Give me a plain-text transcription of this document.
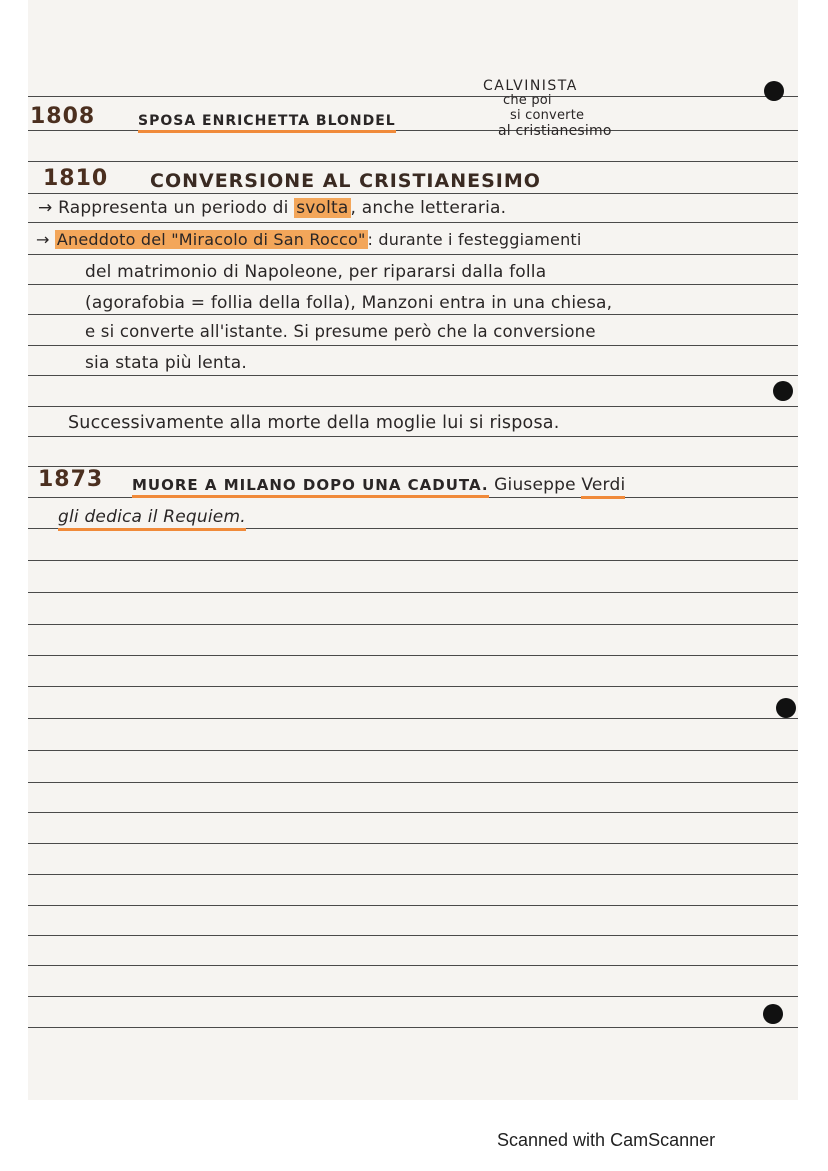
1808	SPOSA ENRICHETTA BLONDEL
CALVINISTA
che poi
si converte
al cristianesimo
1810 CONVERSIONE AL CRISTIANESIMO
→ Rappresenta un periodo di svolta , anche letteraria.
→ Aneddoto del "Miracolo di San Rocco" : durante i festeggiamenti
del matrimonio di Napoleone, per ripararsi dalla folla
(agorafobia = follia della folla), Manzoni entra in una chiesa,
e si converte all'istante. Si presume però che la conversione
sia stata più lenta.
Successivamente alla morte della moglie lui si risposa.
1873 MUORE A MILANO DOPO UNA CADUTA. Giuseppe Verdi
gli dedica il Requiem.
Scanned with CamScanner
